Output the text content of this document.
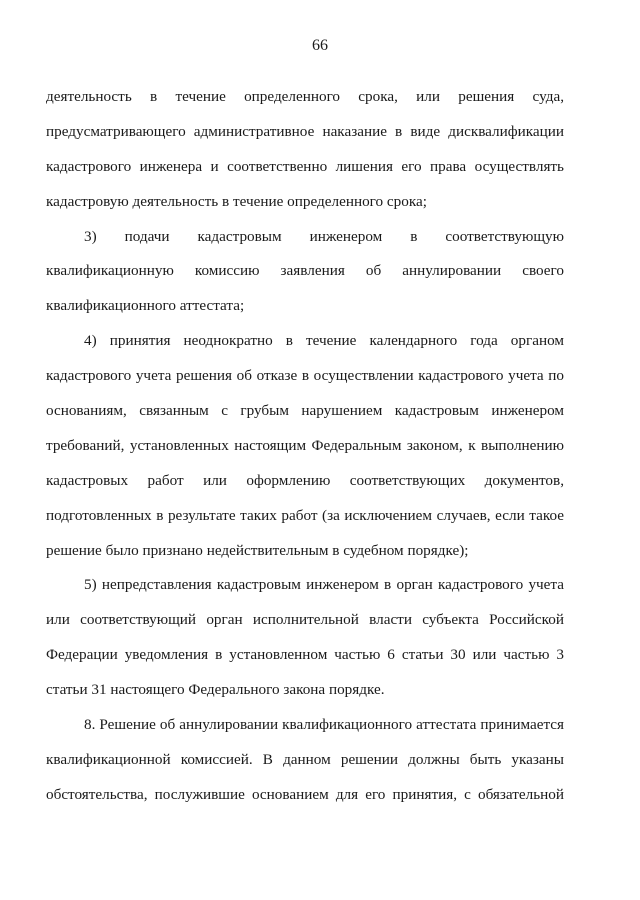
66

деятельность в течение определенного срока, или решения суда,
предусматривающего административное наказание в виде дисквалификации
кадастрового инженера и соответственно лишения его права осуществлять
кадастровую деятельность в течение определенного срока;

3) подачи кадастровым инженером в соответствующую
квалификационную комиссию заявления об аннулировании своего
квалификационного аттестата;

4) принятия неоднократно в течение календарного года органом
кадастрового учета решения об отказе в осуществлении кадастрового учета по
основаниям, связанным с грубым нарушением кадастровым инженером
требований, установленных настоящим Федеральным законом, к выполнению
кадастровых работ или оформлению соответствующих документов,
подготовленных в результате таких работ (за исключением случаев, если такое
решение было признано недействительным в судебном порядке);

5) непредставления кадастровым инженером в орган кадастрового учета
или соответствующий орган исполнительной власти субъекта Российской
Федерации уведомления в установленном частью 6 статьи 30 или частью 3
статьи 31 настоящего Федерального закона порядке.

8. Решение об аннулировании квалификационного аттестата принимается
квалификационной комиссией. В данном решении должны быть указаны
обстоятельства, послужившие основанием для его принятия, с обязательной
